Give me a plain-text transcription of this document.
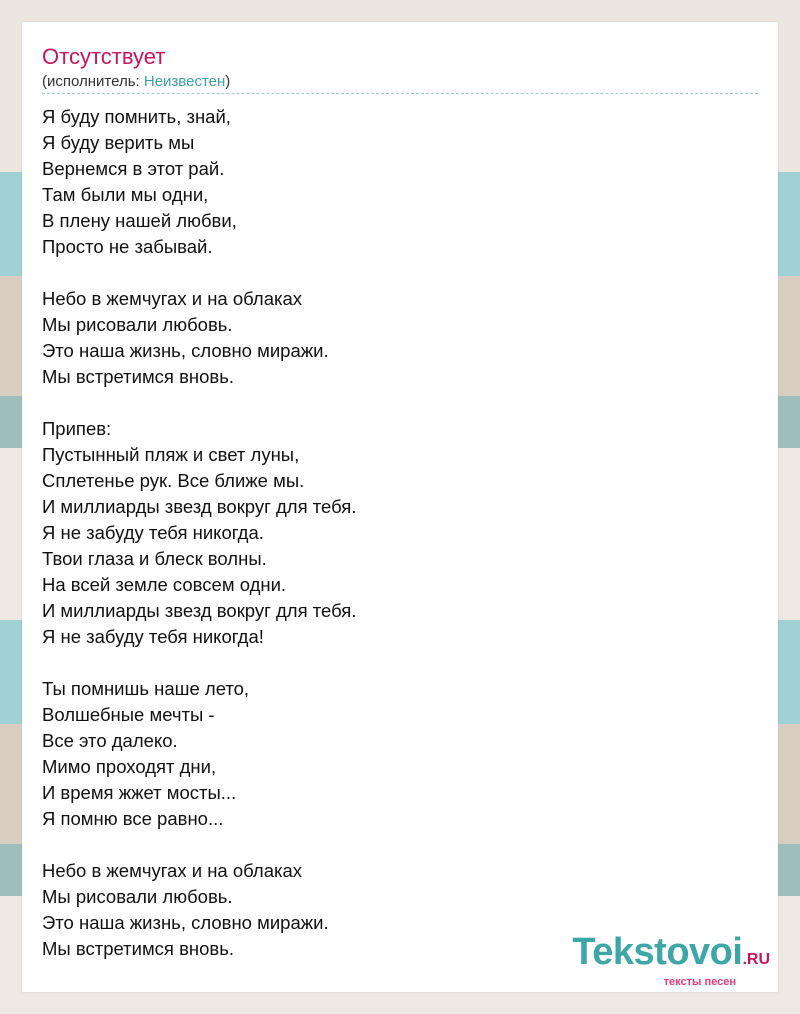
Отсутствует
(исполнитель: Неизвестен)
Я буду помнить, знай,
Я буду верить мы
Вернемся в этот рай.
Там были мы одни,
В плену нашей любви,
Просто не забывай.
Небо в жемчугах и на облаках
Мы рисовали любовь.
Это наша жизнь, словно миражи.
Мы встретимся вновь.
Припев:
Пустынный пляж и свет луны,
Сплетенье рук. Все ближе мы.
И миллиарды звезд вокруг для тебя.
Я не забуду тебя никогда.
Твои глаза и блеск волны.
На всей земле совсем одни.
И миллиарды звезд вокруг для тебя.
Я не забуду тебя никогда!
Ты помнишь наше лето,
Волшебные мечты -
Все это далеко.
Мимо проходят дни,
И время жжет мосты...
Я помню все равно...
Небо в жемчугах и на облаках
Мы рисовали любовь.
Это наша жизнь, словно миражи.
Мы встретимся вновь.	Tekstovoi.RU
тексты песен
